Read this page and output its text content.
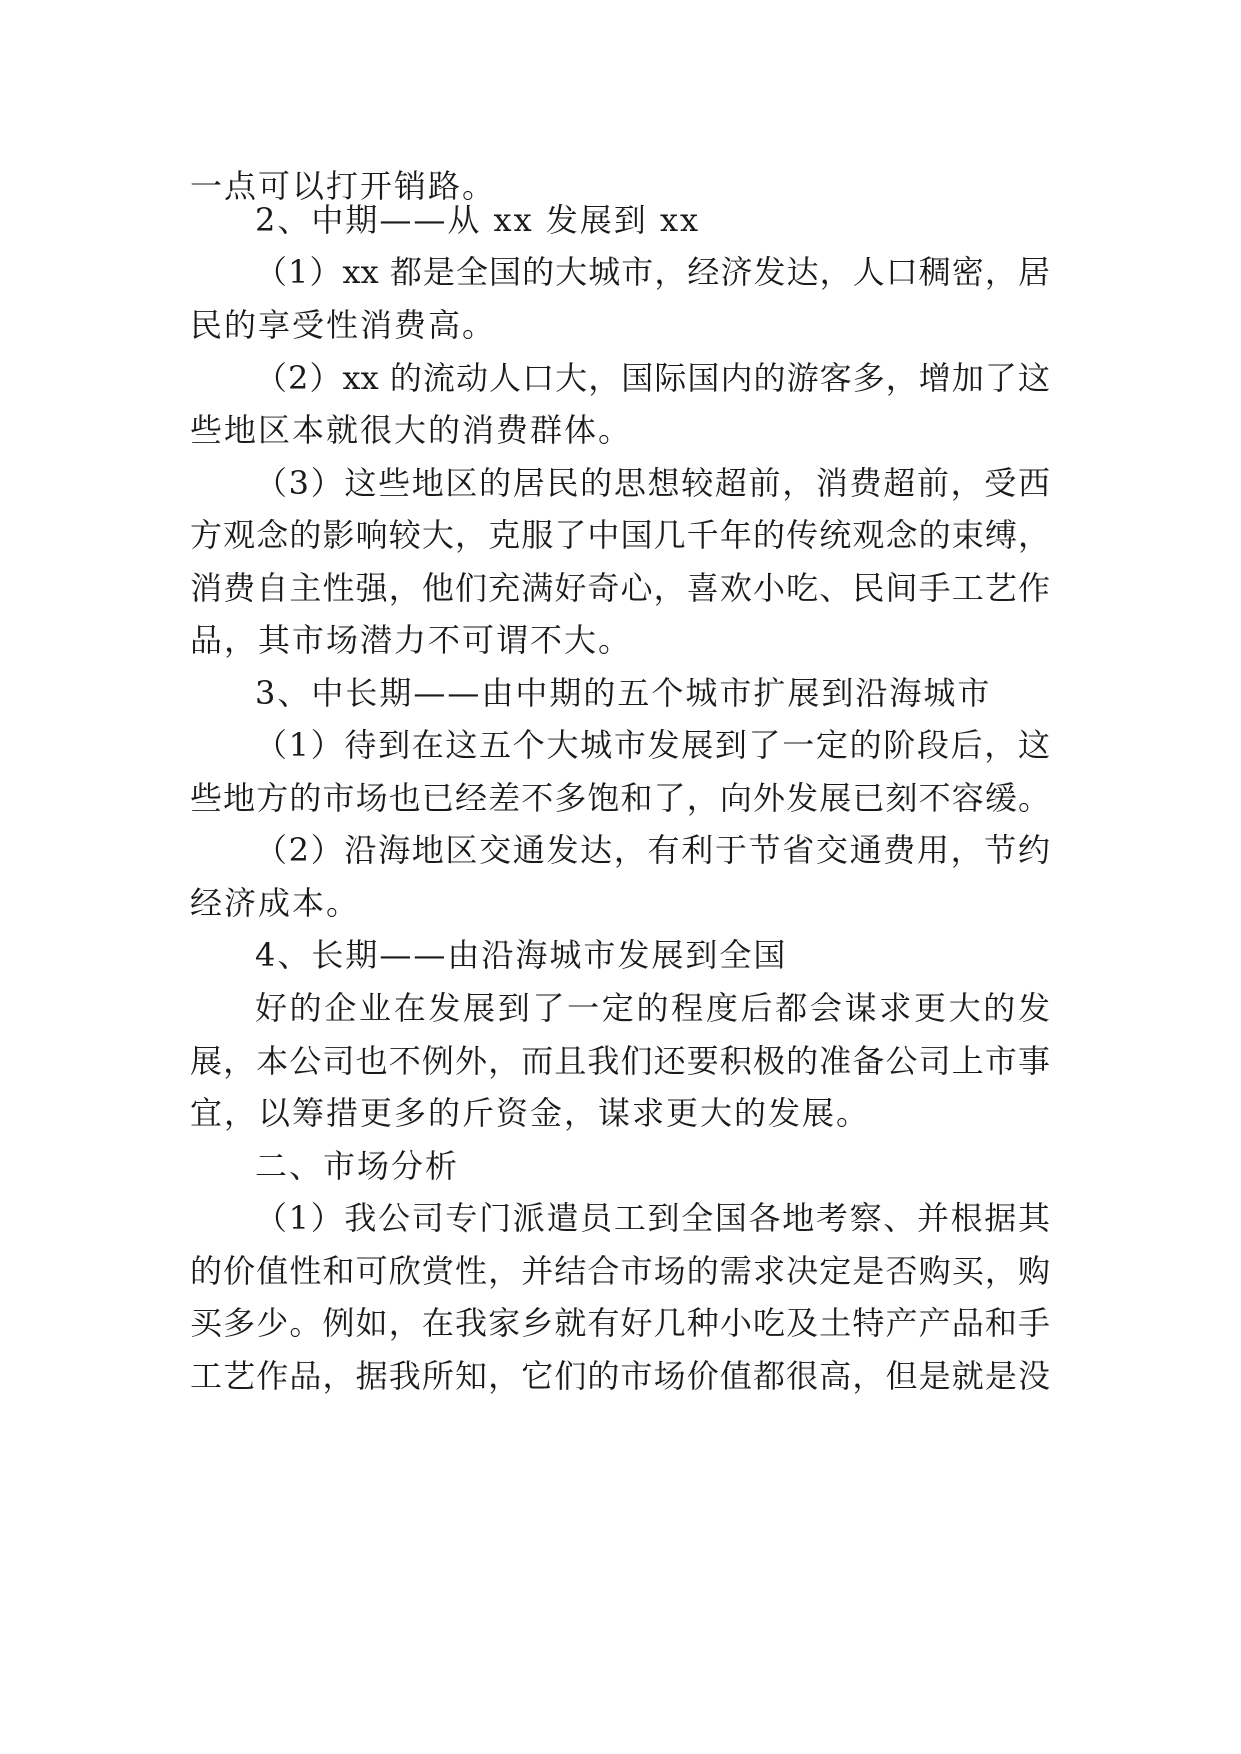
一点可以打开销路。
2、中期——从 xx 发展到 xx
（1）xx 都是全国的大城市，经济发达，人口稠密，居
民的享受性消费高。
（2）xx 的流动人口大，国际国内的游客多，增加了这
些地区本就很大的消费群体。
（3）这些地区的居民的思想较超前，消费超前，受西
方观念的影响较大，克服了中国几千年的传统观念的束缚，
消费自主性强，他们充满好奇心，喜欢小吃、民间手工艺作
品，其市场潜力不可谓不大。
3、中长期——由中期的五个城市扩展到沿海城市
（1）待到在这五个大城市发展到了一定的阶段后，这
些地方的市场也已经差不多饱和了，向外发展已刻不容缓。
（2）沿海地区交通发达，有利于节省交通费用，节约
经济成本。
4、长期——由沿海城市发展到全国
好的企业在发展到了一定的程度后都会谋求更大的发
展，本公司也不例外，而且我们还要积极的准备公司上市事
宜，以筹措更多的斤资金，谋求更大的发展。
二、市场分析
（1）我公司专门派遣员工到全国各地考察、并根据其
的价值性和可欣赏性，并结合市场的需求决定是否购买，购
买多少。例如，在我家乡就有好几种小吃及土特产产品和手
工艺作品，据我所知，它们的市场价值都很高，但是就是没
